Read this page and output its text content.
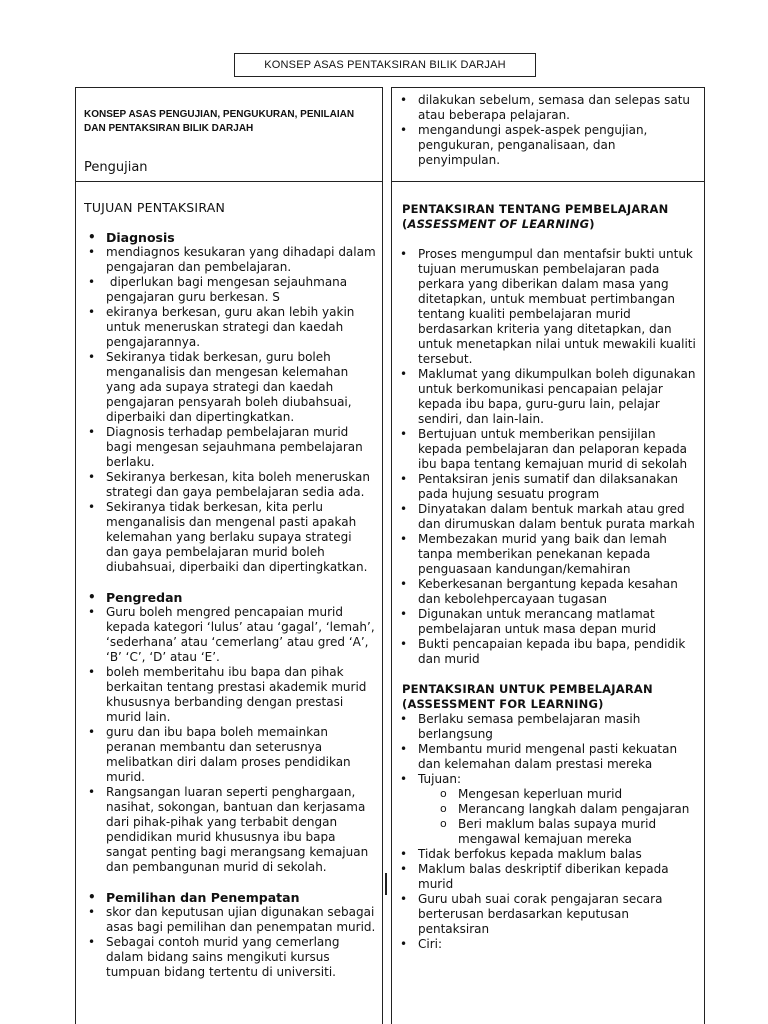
KONSEP ASAS PENTAKSIRAN BILIK DARJAH
KONSEP ASAS PENGUJIAN, PENGUKURAN, PENILAIAN DAN PENTAKSIRAN BILIK DARJAH
Pengujian
TUJUAN PENTAKSIRAN
• Diagnosis
• mendiagnos kesukaran yang dihadapi dalam pengajaran dan pembelajaran.
•  diperlukan bagi mengesan sejauhmana pengajaran guru berkesan. S
• ekiranya berkesan, guru akan lebih yakin untuk meneruskan strategi dan kaedah pengajarannya.
• Sekiranya tidak berkesan, guru boleh menganalisis dan mengesan kelemahan yang ada supaya strategi dan kaedah pengajaran pensyarah boleh diubahsuai, diperbaiki dan dipertingkatkan.
• Diagnosis terhadap pembelajaran murid bagi mengesan sejauhmana pembelajaran berlaku.
• Sekiranya berkesan, kita boleh meneruskan strategi dan gaya pembelajaran sedia ada.
• Sekiranya tidak berkesan, kita perlu menganalisis dan mengenal pasti apakah kelemahan yang berlaku supaya strategi dan gaya pembelajaran murid boleh diubahsuai, diperbaiki dan dipertingkatkan.
• Pengredan
• Guru boleh mengred pencapaian murid kepada kategori ‘lulus’ atau ‘gagal’, ‘lemah’, ‘sederhana’ atau ‘cemerlang’ atau gred ‘A’, ‘B’ ‘C’, ‘D’ atau ‘E’.
• boleh memberitahu ibu bapa dan pihak berkaitan tentang prestasi akademik murid khususnya berbanding dengan prestasi murid lain.
• guru dan ibu bapa boleh memainkan peranan membantu dan seterusnya melibatkan diri dalam proses pendidikan murid.
• Rangsangan luaran seperti penghargaan, nasihat, sokongan, bantuan dan kerjasama dari pihak-pihak yang terbabit dengan pendidikan murid khususnya ibu bapa sangat penting bagi merangsang kemajuan dan pembangunan murid di sekolah.
• Pemilihan dan Penempatan
• skor dan keputusan ujian digunakan sebagai asas bagi pemilihan dan penempatan murid.
• Sebagai contoh murid yang cemerlang dalam bidang sains mengikuti kursus tumpuan bidang tertentu di universiti.
• dilakukan sebelum, semasa dan selepas satu atau beberapa pelajaran.
• mengandungi aspek-aspek pengujian, pengukuran, penganalisaan, dan penyimpulan.
PENTAKSIRAN TENTANG PEMBELAJARAN
(ASSESSMENT OF LEARNING)
• Proses mengumpul dan mentafsir bukti untuk tujuan merumuskan pembelajaran pada perkara yang diberikan dalam masa yang ditetapkan, untuk membuat pertimbangan tentang kualiti pembelajaran murid berdasarkan kriteria yang ditetapkan, dan untuk menetapkan nilai untuk mewakili kualiti tersebut.
• Maklumat yang dikumpulkan boleh digunakan untuk berkomunikasi pencapaian pelajar kepada ibu bapa, guru-guru lain, pelajar sendiri, dan lain-lain.
• Bertujuan untuk memberikan pensijilan kepada pembelajaran dan pelaporan kepada ibu bapa tentang kemajuan murid di sekolah
• Pentaksiran jenis sumatif dan dilaksanakan pada hujung sesuatu program
• Dinyatakan dalam bentuk markah atau gred dan dirumuskan dalam bentuk purata markah
• Membezakan murid yang baik dan lemah tanpa memberikan penekanan kepada penguasaan kandungan/kemahiran
• Keberkesanan bergantung kepada kesahan dan kebolehpercayaan tugasan
• Digunakan untuk merancang matlamat pembelajaran untuk masa depan murid
• Bukti pencapaian kepada ibu bapa, pendidik dan murid
PENTAKSIRAN UNTUK PEMBELAJARAN
(ASSESSMENT FOR LEARNING)
• Berlaku semasa pembelajaran masih berlangsung
• Membantu murid mengenal pasti kekuatan dan kelemahan dalam prestasi mereka
• Tujuan:
o Mengesan keperluan murid
o Merancang langkah dalam pengajaran
o Beri maklum balas supaya murid mengawal kemajuan mereka
• Tidak berfokus kepada maklum balas
• Maklum balas deskriptif diberikan kepada murid
• Guru ubah suai corak pengajaran secara berterusan berdasarkan keputusan pentaksiran
• Ciri:
